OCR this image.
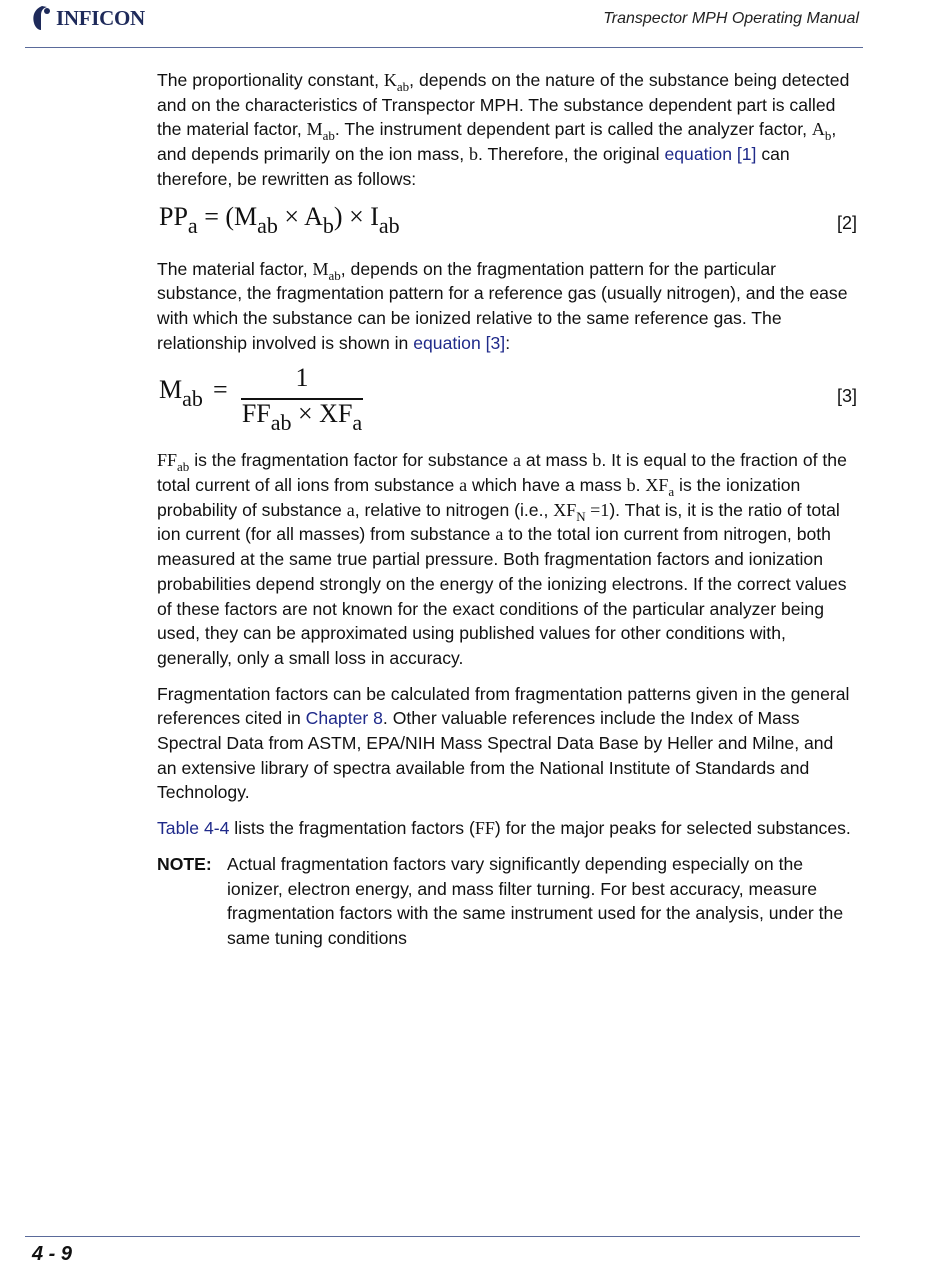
INFICON	Transpector MPH Operating Manual

The proportionality constant, $K_{ab}$, depends on the nature of the substance being detected and on the characteristics of Transpector MPH. The substance dependent part is called the material factor, $M_{ab}$. The instrument dependent part is called the analyzer factor, $A_b$, and depends primarily on the ion mass, b. Therefore, the original equation [1] can therefore, be rewritten as follows:

$PP_a = (M_{ab} \times A_b) \times I_{ab}$	[2]

The material factor, $M_{ab}$, depends on the fragmentation pattern for the particular substance, the fragmentation pattern for a reference gas (usually nitrogen), and the ease with which the substance can be ionized relative to the same reference gas. The relationship involved is shown in equation [3]:

$M_{ab}$ =	1
$FF_{ab} \times XF_a$
[3]

$FF_{ab}$ is the fragmentation factor for substance a at mass b. It is equal to the fraction of the total current of all ions from substance a which have a mass b. $XF_a$ is the ionization probability of substance a, relative to nitrogen (i.e., $XF_N =1$). That is, it is the ratio of total ion current (for all masses) from substance a to the total ion current from nitrogen, both measured at the same true partial pressure. Both fragmentation factors and ionization probabilities depend strongly on the energy of the ionizing electrons. If the correct values of these factors are not known for the exact conditions of the particular analyzer being used, they can be approximated using published values for other conditions with, generally, only a small loss in accuracy.

Fragmentation factors can be calculated from fragmentation patterns given in the general references cited in Chapter 8. Other valuable references include the Index of Mass Spectral Data from ASTM, EPA/NIH Mass Spectral Data Base by Heller and Milne, and an extensive library of spectra available from the National Institute of Standards and Technology.

Table 4-4 lists the fragmentation factors (FF) for the major peaks for selected substances.

NOTE: Actual fragmentation factors vary significantly depending especially on the ionizer, electron energy, and mass filter turning. For best accuracy, measure fragmentation factors with the same instrument used for the analysis, under the same tuning conditions
4 - 9
